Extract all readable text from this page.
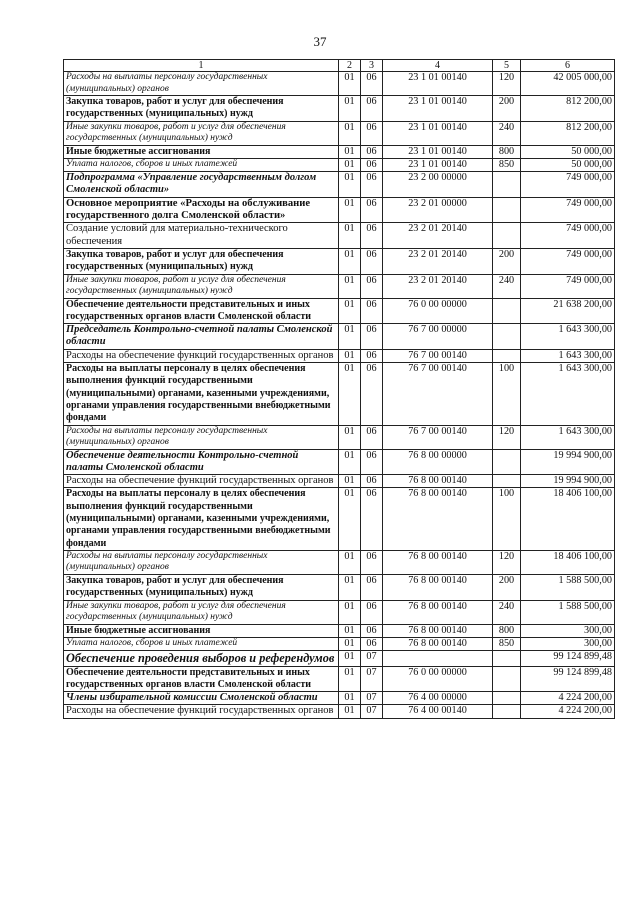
37
1	2	3	4	5	6
Расходы на выплаты персоналу государственных (муниципальных) органов	01	06	23 1 01 00140	120	42 005 000,00
Закупка товаров, работ и услуг для обеспечения государственных (муниципальных) нужд	01	06	23 1 01 00140	200	812 200,00
Иные закупки товаров, работ и услуг для обеспечения государственных (муниципальных) нужд	01	06	23 1 01 00140	240	812 200,00
Иные бюджетные ассигнования	01	06	23 1 01 00140	800	50 000,00
Уплата налогов, сборов и иных платежей	01	06	23 1 01 00140	850	50 000,00
Подпрограмма «Управление государственным долгом Смоленской области»	01	06	23 2 00 00000		749 000,00
Основное мероприятие «Расходы на обслуживание государственного долга Смоленской области»	01	06	23 2 01 00000		749 000,00
Создание условий для материально-технического обеспечения	01	06	23 2 01 20140		749 000,00
Закупка товаров, работ и услуг для обеспечения государственных (муниципальных) нужд	01	06	23 2 01 20140	200	749 000,00
Иные закупки товаров, работ и услуг для обеспечения государственных (муниципальных) нужд	01	06	23 2 01 20140	240	749 000,00
Обеспечение деятельности представительных и иных государственных органов власти Смоленской области	01	06	76 0 00 00000		21 638 200,00
Председатель Контрольно-счетной палаты Смоленской области	01	06	76 7 00 00000		1 643 300,00
Расходы на обеспечение функций государственных органов	01	06	76 7 00 00140		1 643 300,00
Расходы на выплаты персоналу в целях обеспечения выполнения функций государственными (муниципальными) органами, казенными учреждениями, органами управления государственными внебюджетными фондами	01	06	76 7 00 00140	100	1 643 300,00
Расходы на выплаты персоналу государственных (муниципальных) органов	01	06	76 7 00 00140	120	1 643 300,00
Обеспечение деятельности Контрольно-счетной палаты Смоленской области	01	06	76 8 00 00000		19 994 900,00
Расходы на обеспечение функций государственных органов	01	06	76 8 00 00140		19 994 900,00
Расходы на выплаты персоналу в целях обеспечения выполнения функций государственными (муниципальными) органами, казенными учреждениями, органами управления государственными внебюджетными фондами	01	06	76 8 00 00140	100	18 406 100,00
Расходы на выплаты персоналу государственных (муниципальных) органов	01	06	76 8 00 00140	120	18 406 100,00
Закупка товаров, работ и услуг для обеспечения государственных (муниципальных) нужд	01	06	76 8 00 00140	200	1 588 500,00
Иные закупки товаров, работ и услуг для обеспечения государственных (муниципальных) нужд	01	06	76 8 00 00140	240	1 588 500,00
Иные бюджетные ассигнования	01	06	76 8 00 00140	800	300,00
Уплата налогов, сборов и иных платежей	01	06	76 8 00 00140	850	300,00
Обеспечение проведения выборов и референдумов	01	07			99 124 899,48
Обеспечение деятельности представительных и иных государственных органов власти Смоленской области	01	07	76 0 00 00000		99 124 899,48
Члены избирательной комиссии Смоленской области	01	07	76 4 00 00000		4 224 200,00
Расходы на обеспечение функций государственных органов	01	07	76 4 00 00140		4 224 200,00
